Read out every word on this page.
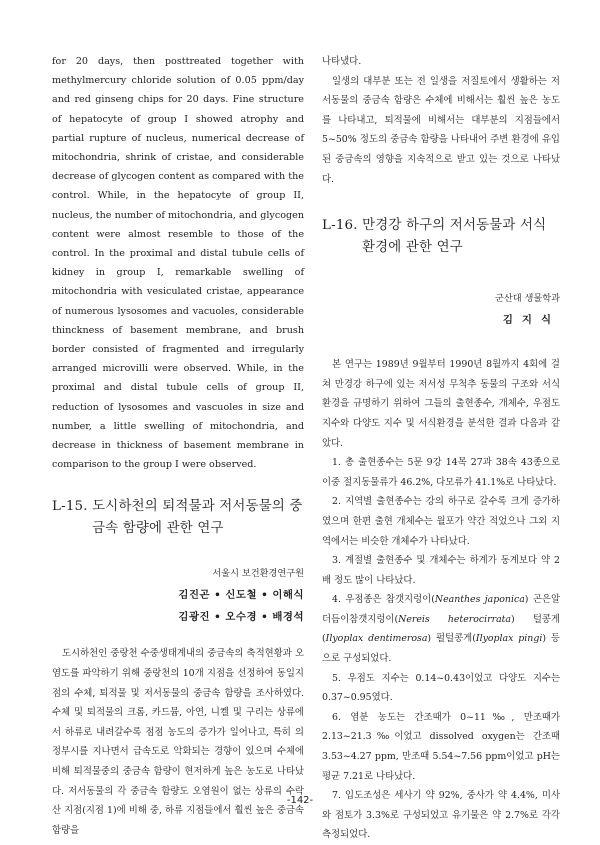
for 20 days, then posttreated together with methylmercury chloride solution of 0.05 ppm/day and red ginseng chips for 20 days. Fine structure of hepatocyte of group I showed atrophy and partial rupture of nucleus, numerical decrease of mitochondria, shrink of cristae, and considerable decrease of glycogen content as compared with the control. While, in the hepatocyte of group II, nucleus, the number of mitochondria, and glycogen content were almost resemble to those of the control. In the proximal and distal tubule cells of kidney in group I, remarkable swelling of mitochondria with vesiculated cristae, appearance of numerous lysosomes and vacuoles, considerable thinckness of basement membrane, and brush border consisted of fragmented and irregularly arranged microvilli were observed. While, in the proximal and distal tubule cells of group II, reduction of lysosomes and vascuoles in size and number, a little swelling of mitochondria, and decrease in thickness of basement membrane in comparison to the group I were observed.

L-15. 도시하천의 퇴적물과 저서동물의 중금속 함량에 관한 연구
서울시 보건환경연구원
김진곤 • 신도철 • 이해식
김광진 • 오수경 • 배경석

도시하천인 중랑천 수중생태계내의 중금속의 축적현황과 오염도를 파악하기 위해 중랑천의 10개 지점을 선정하여 동일지점의 수체, 퇴적물 및 저서동물의 중금속 함량을 조사하였다. 수체 및 퇴적물의 크롬, 카드뮴, 아연, 니켈 및 구리는 상류에서 하류로 내려갈수록 점점 농도의 증가가 일어나고, 특히 의정부시를 지나면서 급속도로 악화되는 경향이 있으며 수체에 비해 퇴적물중의 중금속 함량이 현저하게 높은 농도로 나타났다. 저서동물의 각 중금속 함량도 오염원이 없는 상류의 수락산 지점(지점 1)에 비해 중, 하류 지점들에서 훨씬 높은 중금속 함량을

나타냈다.

일생의 대부분 또는 전 일생을 저질토에서 생활하는 저서동물의 중금속 함량은 수체에 비해서는 훨씬 높은 농도를 나타내고, 퇴적물에 비해서는 대부분의 지점들에서 5~50% 정도의 중금속 함량을 나타내어 주변 환경에 유입된 중금속의 영향을 지속적으로 받고 있는 것으로 나타났다.

L-16. 만경강 하구의 저서동물과 서식 환경에 관한 연구
군산대 생물학과
김지식

본 연구는 1989년 9월부터 1990년 8월까지 4회에 걸쳐 만경강 하구에 있는 저서성 무척추 동물의 구조와 서식환경을 규명하기 위하여 그들의 출현종수, 개체수, 우점도 지수와 다양도 지수 및 서식환경을 분석한 결과 다음과 같았다.

1. 총 출현종수는 5문 9강 14목 27과 38속 43종으로 이중 절지동물류가 46.2%, 다모류가 41.1%로 나타났다.

2. 지역별 출현종수는 강의 하구로 갈수록 크게 증가하였으며 한편 출현 개체수는 월포가 약간 적었으나 그외 지역에서는 비슷한 개체수가 나타났다.

3. 계절별 출현종수 및 개체수는 하계가 동계보다 약 2배 정도 많이 나타났다.

4. 우점종은 참갯지렁이(Neanthes japonica) 곤은알더듬이참갯지렁이(Nereis heterocirrata) 털콩게(Ilyoplax dentimerosa) 펄털콩게(Ilyoplax pingi) 등으로 구성되었다.

5. 우점도 지수는 0.14~0.43이었고 다양도 지수는 0.37~0.95였다.

6. 염분 농도는 간조때가 0~11‰, 만조때가 2.13~21.3‰이었고 dissolved oxygen는 간조때 3.53~4.27 ppm, 만조때 5.54~7.56 ppm이었고 pH는 평균 7.21로 나타났다.

7. 입도조성은 세사기 약 92%, 중사가 약 4.4%, 미사와 점토가 3.3%로 구성되었고 유기물은 약 2.7%로 각각 측정되었다.

-142-
